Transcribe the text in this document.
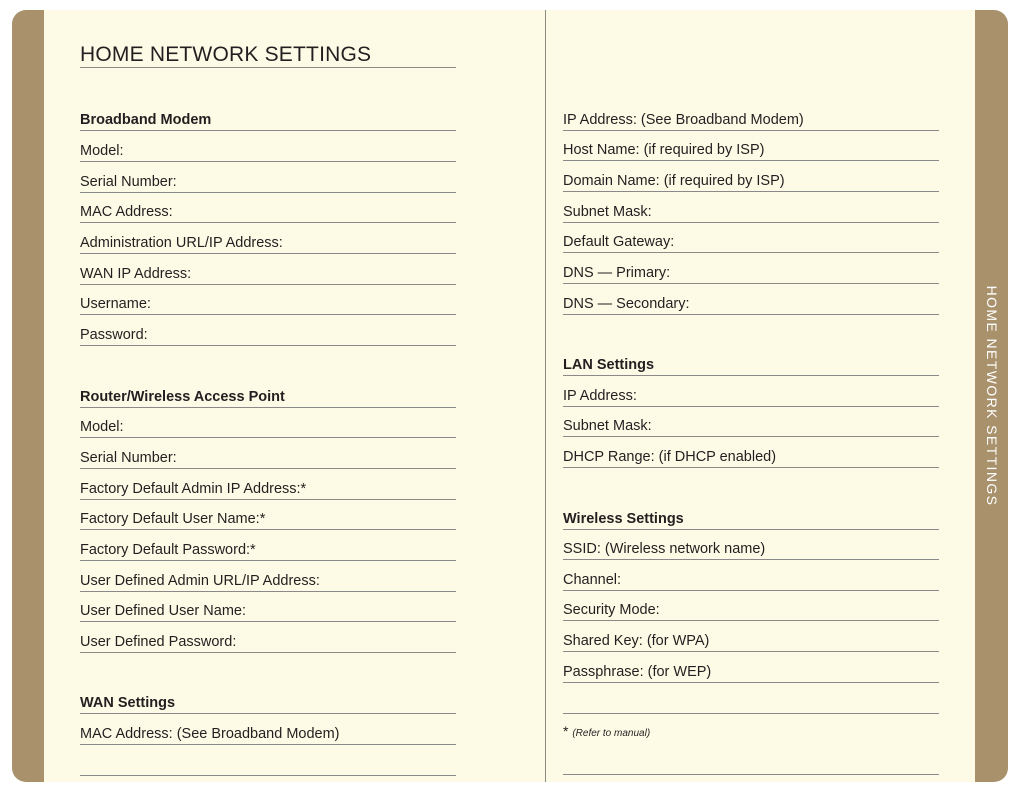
HOME NETWORK SETTINGS
Broadband Modem
Model:
Serial Number:
MAC Address:
Administration URL/IP Address:
WAN IP Address:
Username:
Password:
Router/Wireless Access Point
Model:
Serial Number:
Factory Default Admin IP Address:*
Factory Default User Name:*
Factory Default Password:*
User Defined Admin URL/IP Address:
User Defined User Name:
User Defined Password:
WAN Settings
MAC Address: (See Broadband Modem)	* (Refer to manual)
IP Address: (See Broadband Modem)
Host Name: (if required by ISP)
Domain Name: (if required by ISP)
Subnet Mask:
Default Gateway:
DNS — Primary:
DNS — Secondary:
LAN Settings
IP Address:
Subnet Mask:
DHCP Range: (if DHCP enabled)
Wireless Settings
SSID: (Wireless network name)
Channel:
Security Mode:
Shared Key: (for WPA)
Passphrase: (for WEP)
HOME NETWORK SETTINGS
